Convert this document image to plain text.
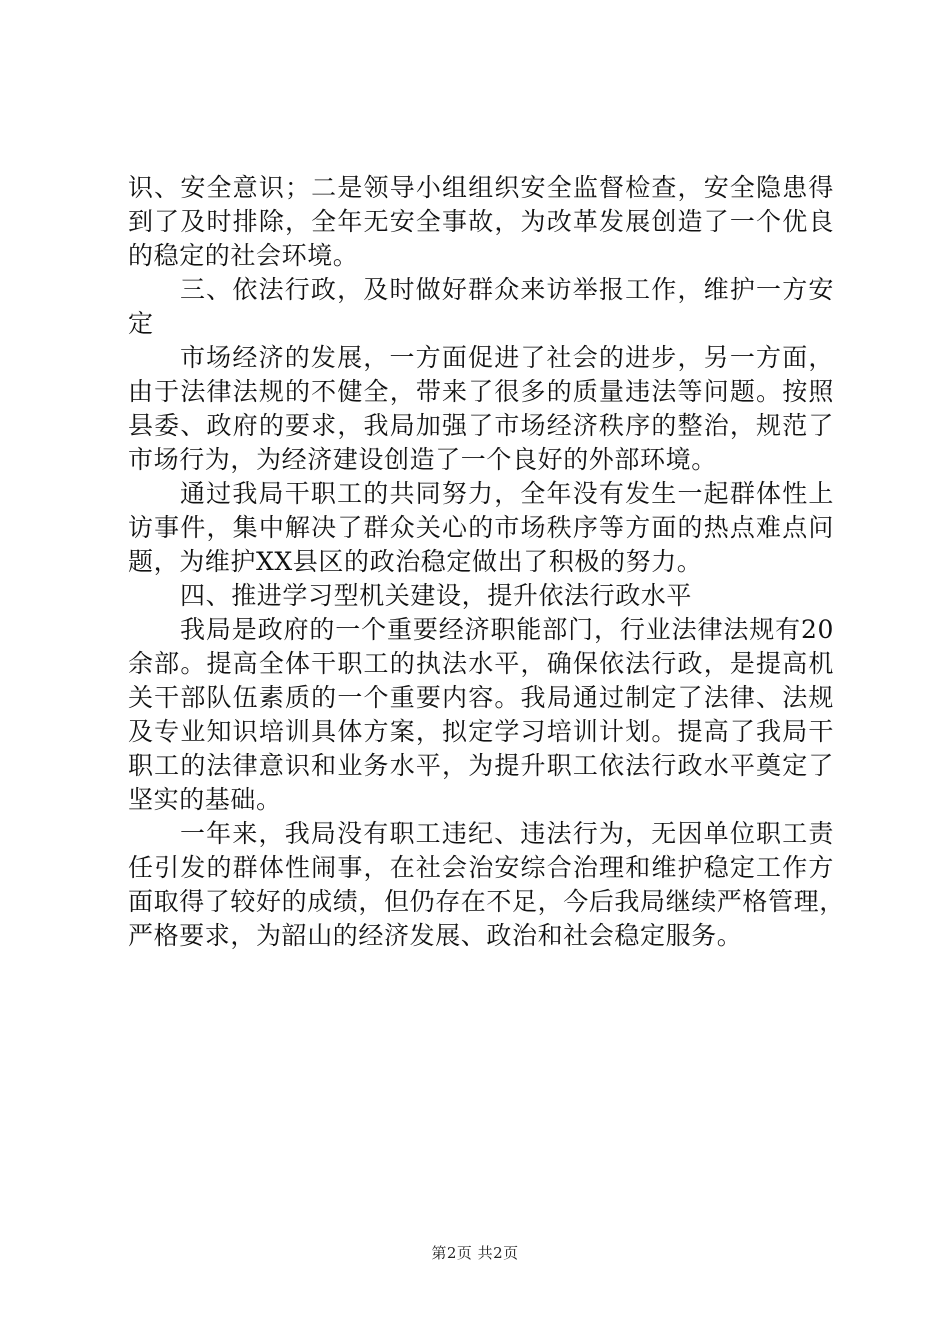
识、安全意识；二是领导小组组织安全监督检查，安全隐患得
到了及时排除，全年无安全事故，为改革发展创造了一个优良
的稳定的社会环境。
三、依法行政，及时做好群众来访举报工作，维护一方安
定
市场经济的发展，一方面促进了社会的进步，另一方面，
由于法律法规的不健全，带来了很多的质量违法等问题。按照
县委、政府的要求，我局加强了市场经济秩序的整治，规范了
市场行为，为经济建设创造了一个良好的外部环境。
通过我局干职工的共同努力，全年没有发生一起群体性上
访事件，集中解决了群众关心的市场秩序等方面的热点难点问
题，为维护XX县区的政治稳定做出了积极的努力。
四、推进学习型机关建设，提升依法行政水平
我局是政府的一个重要经济职能部门，行业法律法规有20
余部。提高全体干职工的执法水平，确保依法行政，是提高机
关干部队伍素质的一个重要内容。我局通过制定了法律、法规
及专业知识培训具体方案，拟定学习培训计划。提高了我局干
职工的法律意识和业务水平，为提升职工依法行政水平奠定了
坚实的基础。
一年来，我局没有职工违纪、违法行为，无因单位职工责
任引发的群体性闹事，在社会治安综合治理和维护稳定工作方
面取得了较好的成绩，但仍存在不足，今后我局继续严格管理，
严格要求，为韶山的经济发展、政治和社会稳定服务。
第2页 共2页
